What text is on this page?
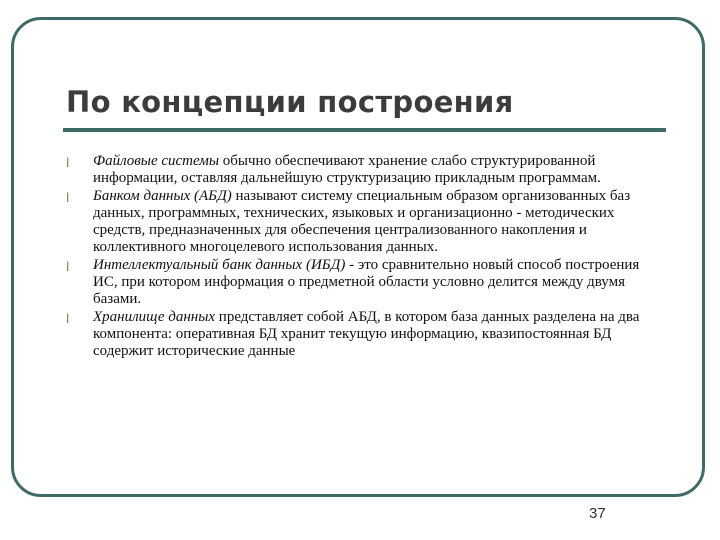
По концепции построения
l Файловые системы обычно обеспечивают хранение слабо структурированной информации, оставляя дальнейшую структуризацию прикладным программам.
l Банком данных (АБД) называют систему специальным образом организованных баз данных, программных, технических, языковых и организационно - методических средств, предназначенных для обеспечения централизованного накопления и коллективного многоцелевого использования данных.
l Интеллектуальный банк данных (ИБД) - это сравнительно новый способ построения ИС, при котором информация о предметной области условно делится между двумя базами.
l Хранилище данных представляет собой АБД, в котором база данных разделена на два компонента: оперативная БД хранит текущую информацию, квазипостоянная БД содержит исторические данные
37
